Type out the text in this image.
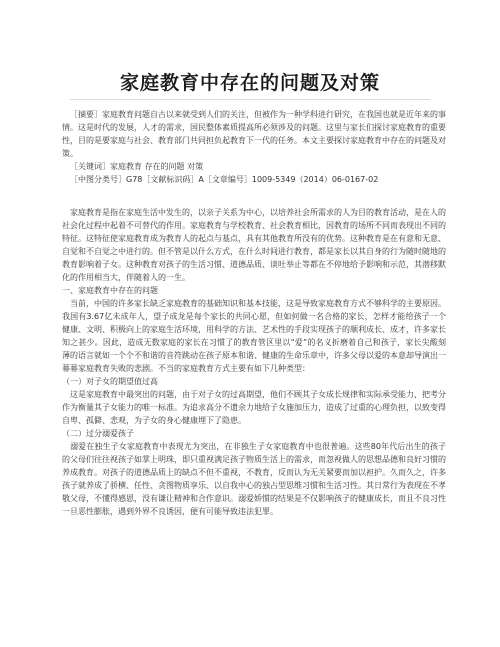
家庭教育中存在的问题及对策

［摘要］家庭教育问题自古以来就受到人们的关注，但被作为一种学科进行研究，在我国也就是近年来的事情。这是时代的发展，人才的需求，国民整体素质提高所必须涉及的问题。这里与家长们探讨家庭教育的重要性，目的是要家庭与社会、教育部门共同担负起教育下一代的任务。本文主要探讨家庭教育中存在的问题及对策。

［关键词］家庭教育 存在的问题 对策

［中图分类号］G78［文献标识码］A［文章编号］1009-5349（2014）06-0167-02

家庭教育是指在家庭生活中发生的，以亲子关系为中心，以培养社会所需求的人为目的教育活动，是在人的社会化过程中起着不可替代的作用。家庭教育与学校教育、社会教育相比，因教育的场所不同而表现出不同的特征。这特征使家庭教育成为教育人的起点与基点，具有其他教育所没有的优势。这种教育是在有意和无意、自觉和不自觉之中进行的。但不管是以什么方式，在什么时间进行教育，都是家长以其自身的行为随时随地的教育影响着子女。这种教育对孩子的生活习惯、道德品质、谈吐举止等都在不停地给予影响和示范，其潜移默化的作用相当大，伴随着人的一生。

一、家庭教育中存在的问题

当前，中国的许多家长缺乏家庭教育的基础知识和基本技能，这是导致家庭教育方式不够科学的主要原因。我国有3.67亿未成年人，望子成龙是每个家长的共同心愿，但如何做一名合格的家长，怎样才能给孩子一个健康、文明、积极向上的家庭生活环境，用科学的方法、艺术性的手段实现孩子的顺利成长、成才，许多家长知之甚少。因此，造成无数家庭的家长在习惯了的教育管区里以“爱”的名义折磨着自己和孩子，家长尖酸刻薄的语言就如一个个不和谐的音符跳动在孩子原本和谐、健康的生命乐章中，许多父母以爱的本意却导演出一幕幕家庭教育失败的悲剧。不当的家庭教育方式主要有如下几种类型：

（一）对子女的期望值过高

这是家庭教育中最突出的问题，由于对子女的过高期望，他们不顾其子女成长规律和实际承受能力，把考分作为衡量其子女能力的唯一标准。为追求高分不遗余力地给子女施加压力，造成了过重的心理负担，以致变得自卑、孤僻、悲观，为子女的身心健康埋下了隐患。

（二）过分溺爱孩子

溺爱在独生子女家庭教育中表现尤为突出，在非独生子女家庭教育中也很普遍。这些80年代后出生的孩子的父母们往往视孩子如掌上明珠，即只重视满足孩子物质生活上的需求，而忽视做人的思想品德和良好习惯的养成教育。对孩子的道德品质上的缺点不但不重视，不教育，反而认为无关紧要而加以袒护。久而久之，许多孩子就养成了骄横、任性、贪图物质享乐、以自我中心的独占型思维习惯和生活习性。其日常行为表现在不孝敬父母，不懂得感恩，没有谦让精神和合作意识。溺爱娇惯的结果是不仅影响孩子的健康成长，而且不良习性一旦恶性膨胀，遇到外界不良诱因，便有可能导致违法犯罪。
